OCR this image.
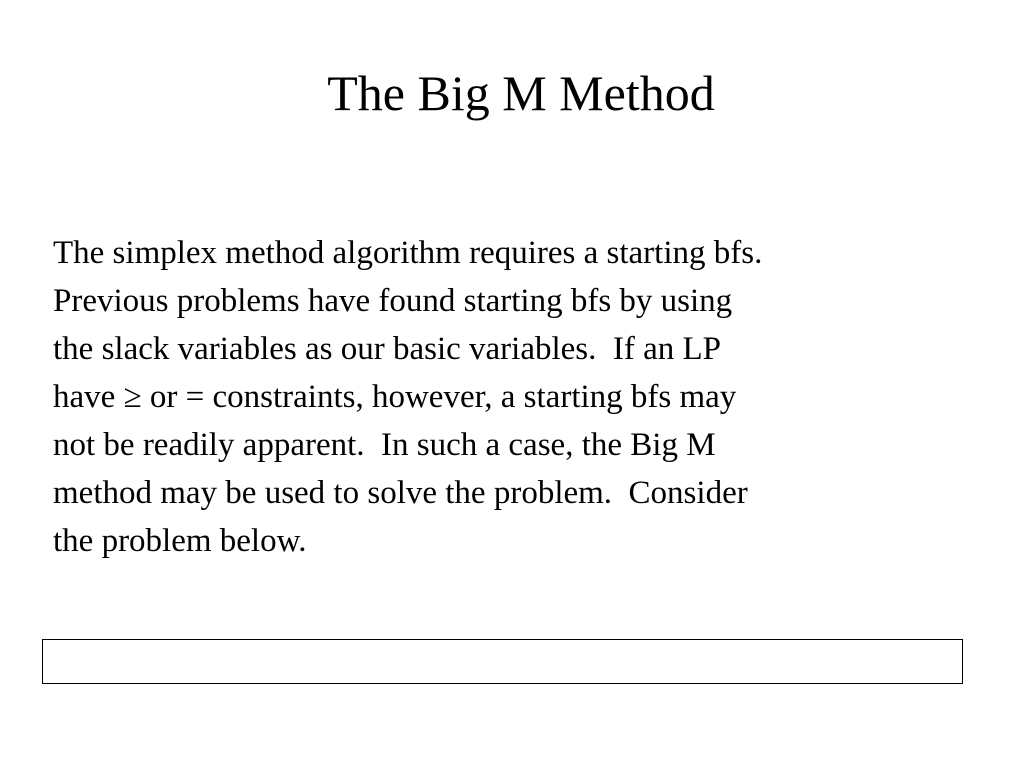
The Big M Method
The simplex method algorithm requires a starting bfs.
Previous problems have found starting bfs by using
the slack variables as our basic variables.  If an LP
have ≥ or = constraints, however, a starting bfs may
not be readily apparent.  In such a case, the Big M
method may be used to solve the problem.  Consider
the problem below.
